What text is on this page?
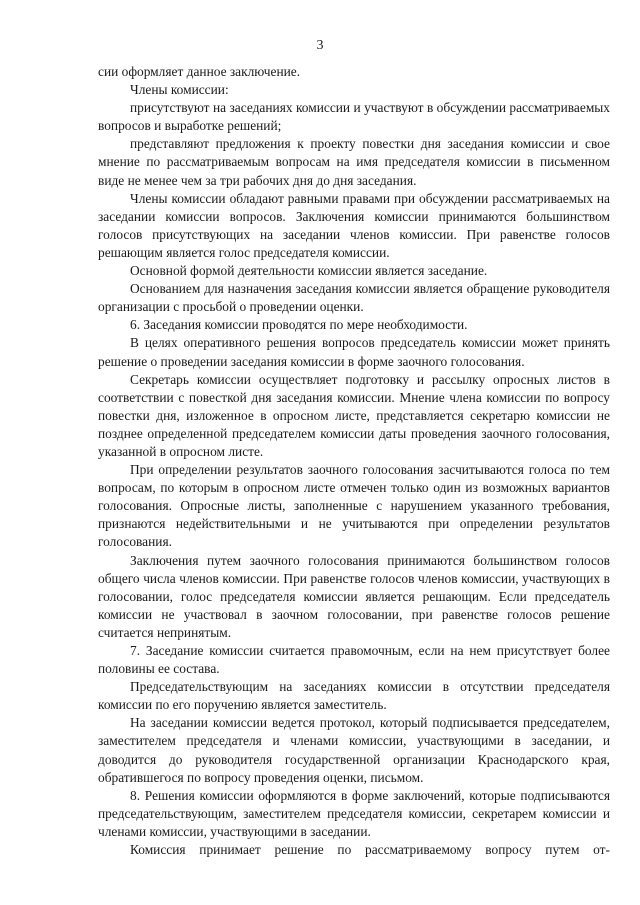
3

сии оформляет данное заключение.

Члены комиссии:

присутствуют на заседаниях комиссии и участвуют в обсуждении рассматриваемых вопросов и выработке решений;

представляют предложения к проекту повестки дня заседания комиссии и свое мнение по рассматриваемым вопросам на имя председателя комиссии в письменном виде не менее чем за три рабочих дня до дня заседания.

Члены комиссии обладают равными правами при обсуждении рассматриваемых на заседании комиссии вопросов. Заключения комиссии принимаются большинством голосов присутствующих на заседании членов комиссии. При равенстве голосов решающим является голос председателя комиссии.

Основной формой деятельности комиссии является заседание.

Основанием для назначения заседания комиссии является обращение руководителя организации с просьбой о проведении оценки.

6. Заседания комиссии проводятся по мере необходимости.

В целях оперативного решения вопросов председатель комиссии может принять решение о проведении заседания комиссии в форме заочного голосования.

Секретарь комиссии осуществляет подготовку и рассылку опросных листов в соответствии с повесткой дня заседания комиссии. Мнение члена комиссии по вопросу повестки дня, изложенное в опросном листе, представляется секретарю комиссии не позднее определенной председателем комиссии даты проведения заочного голосования, указанной в опросном листе.

При определении результатов заочного голосования засчитываются голоса по тем вопросам, по которым в опросном листе отмечен только один из возможных вариантов голосования. Опросные листы, заполненные с нарушением указанного требования, признаются недействительными и не учитываются при определении результатов голосования.

Заключения путем заочного голосования принимаются большинством голосов общего числа членов комиссии. При равенстве голосов членов комиссии, участвующих в голосовании, голос председателя комиссии является решающим. Если председатель комиссии не участвовал в заочном голосовании, при равенстве голосов решение считается непринятым.

7. Заседание комиссии считается правомочным, если на нем присутствует более половины ее состава.

Председательствующим на заседаниях комиссии в отсутствии председателя комиссии по его поручению является заместитель.

На заседании комиссии ведется протокол, который подписывается председателем, заместителем председателя и членами комиссии, участвующими в заседании, и доводится до руководителя государственной организации Краснодарского края, обратившегося по вопросу проведения оценки, письмом.

8. Решения комиссии оформляются в форме заключений, которые подписываются председательствующим, заместителем председателя комиссии, секретарем комиссии и членами комиссии, участвующими в заседании.

Комиссия принимает решение по рассматриваемому вопросу путем от-
